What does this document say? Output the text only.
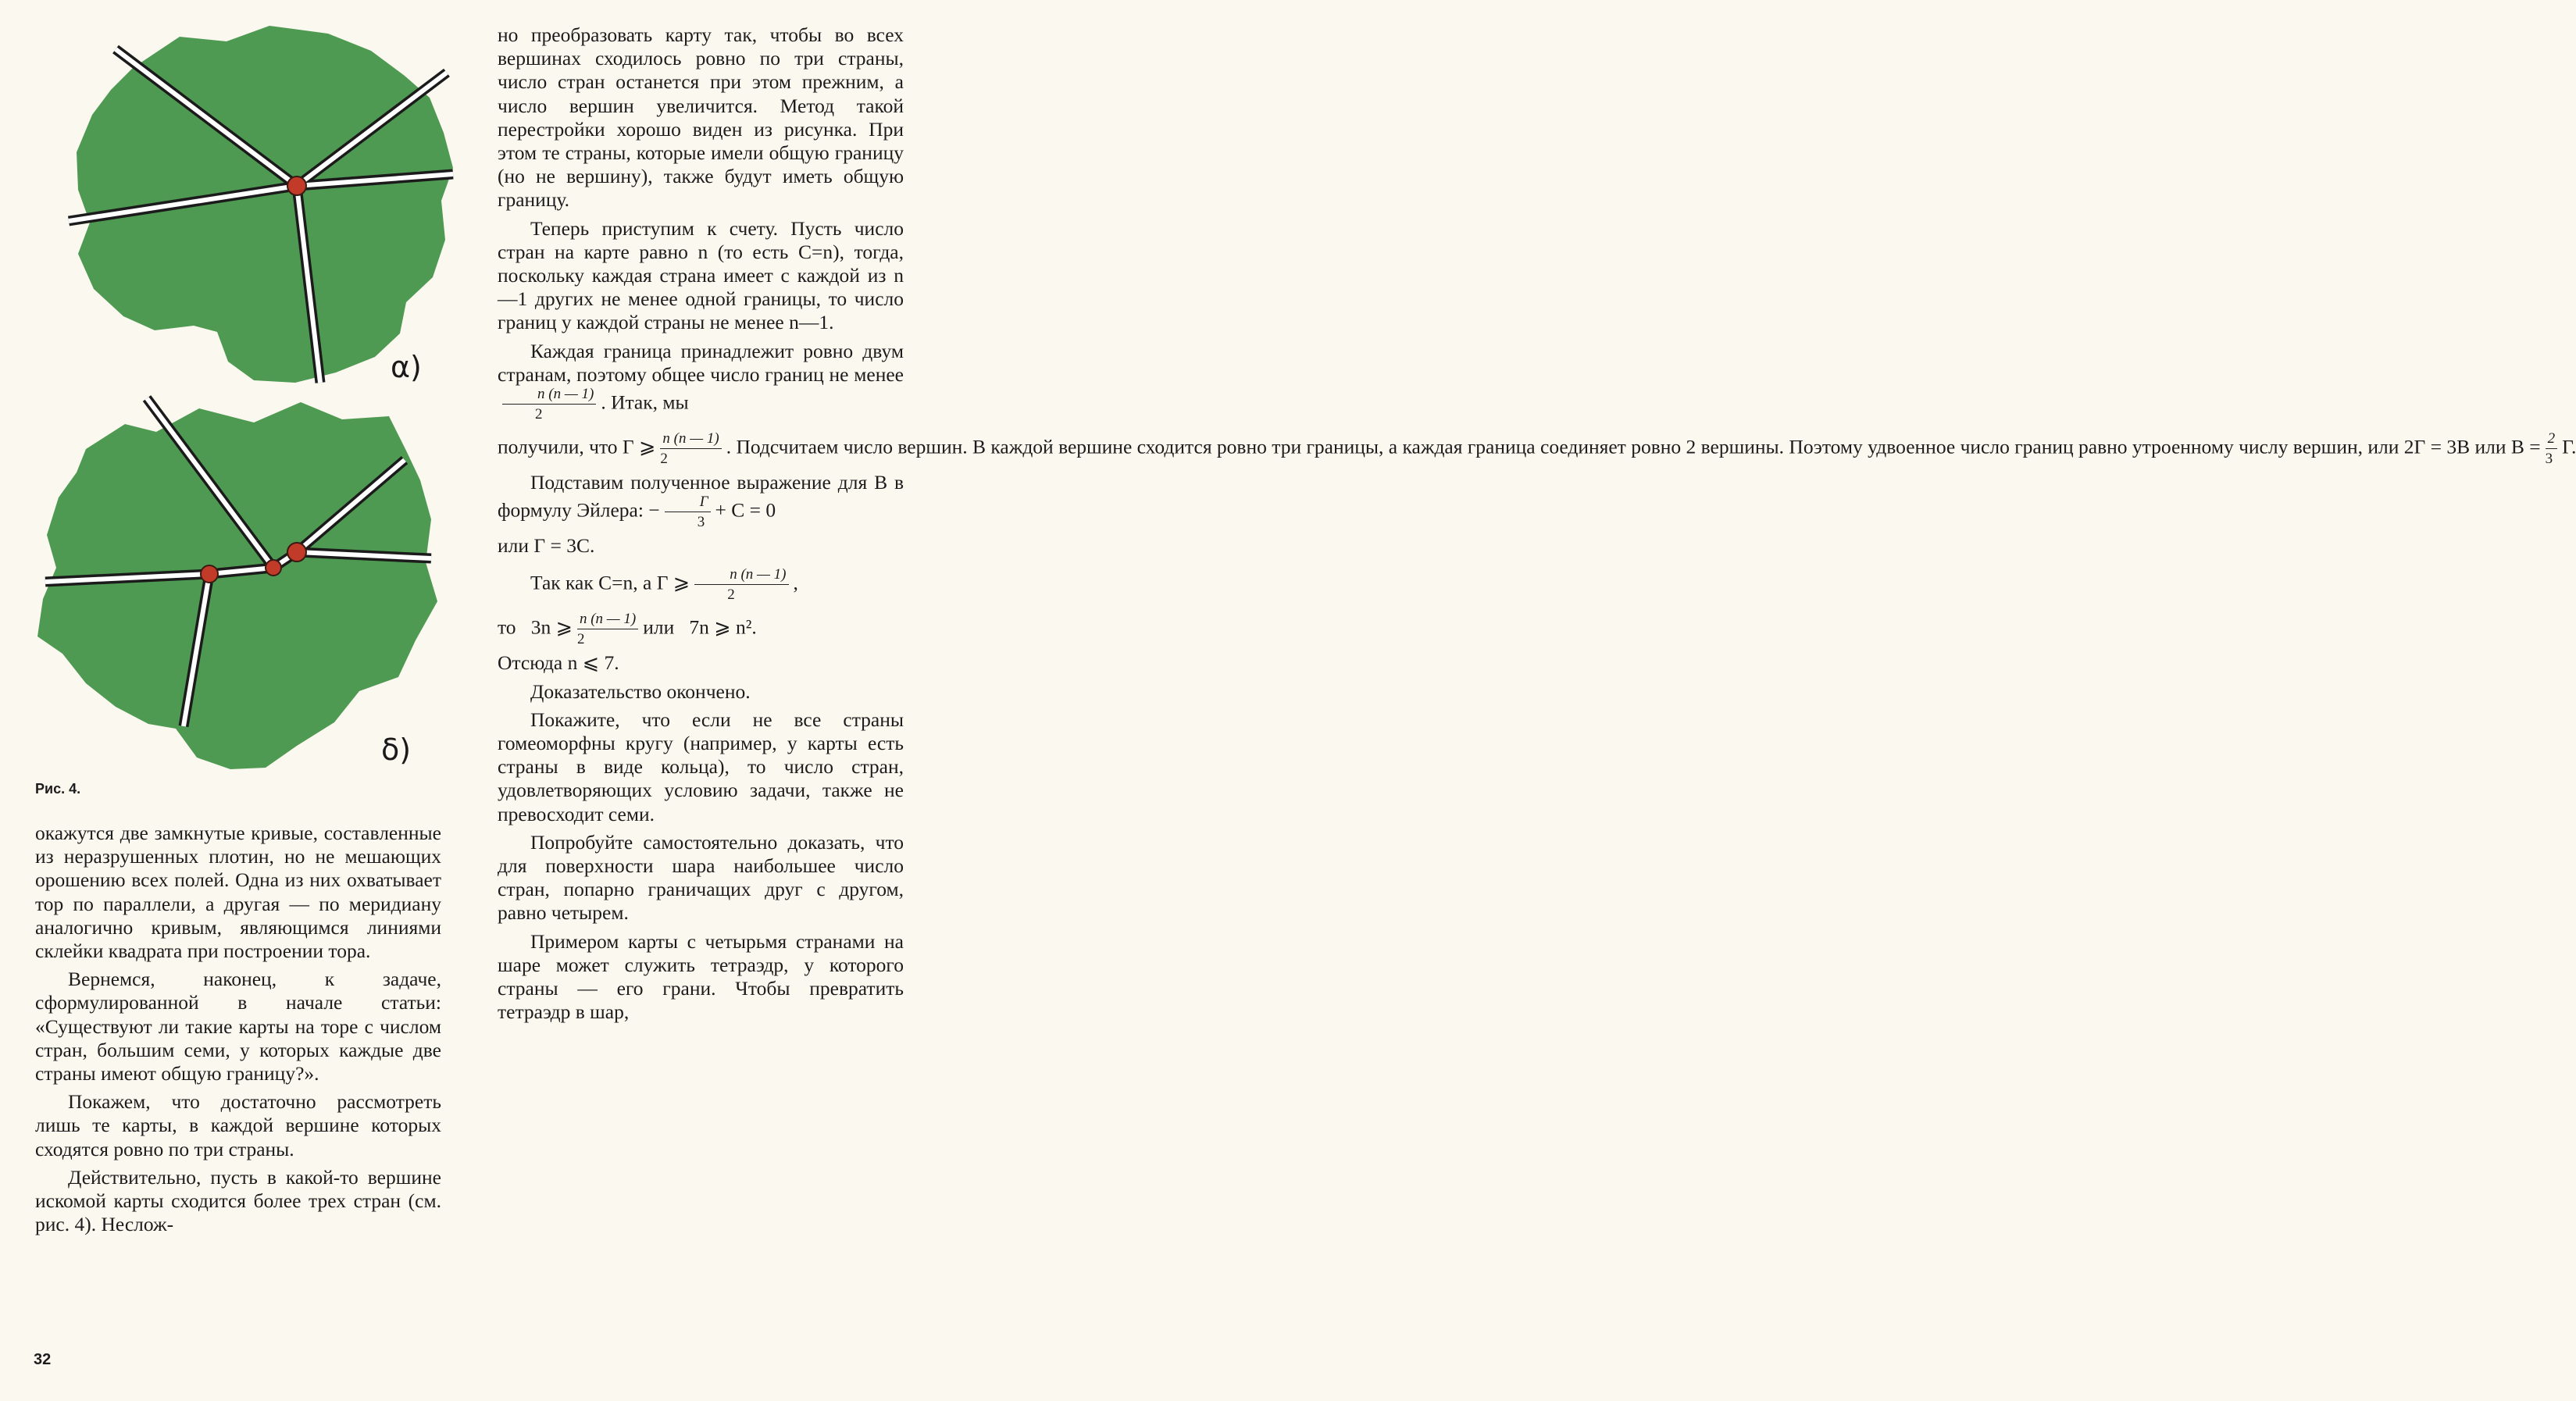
α)
δ)
Рис. 4.

окажутся две замкнутые кривые, составленные из неразрушенных плотин, но не мешающих орошению всех полей. Одна из них охватывает тор по параллели, а другая — по меридиану аналогично кривым, являющимся линиями склейки квадрата при построении тора.

Вернемся, наконец, к задаче, сформулированной в начале статьи: «Существуют ли такие карты на торе с числом стран, большим семи, у которых каждые две страны имеют общую границу?».

Покажем, что достаточно рассмотреть лишь те карты, в каждой вершине которых сходятся ровно по три страны.

Действительно, пусть в какой-то вершине искомой карты сходится более трех стран (см. рис. 4). Неслож-

но преобразовать карту так, чтобы во всех вершинах сходилось ровно по три страны, число стран останется при этом прежним, а число вершин увеличится. Метод такой перестройки хорошо виден из рисунка. При этом те страны, которые имели общую границу (но не вершину), также будут иметь общую границу.

Теперь приступим к счету. Пусть число стран на карте равно n (то есть С=n), тогда, поскольку каждая страна имеет с каждой из n—1 других не менее одной границы, то число границ у каждой страны не менее n—1.

Каждая граница принадлежит ровно двум странам, поэтому общее число границ не менее
$\frac{n (n — 1)}{2}$ . Итак, мы

получили, что Г ⩾ $\frac{n (n — 1)}{2}$ . Подсчитаем число вершин. В каждой вершине сходится ровно три границы, а каждая граница соединяет ровно 2 вершины. Поэтому удвоенное число границ равно утроенному числу вершин, или 2Г = 3В или $В = \frac{2}{3} Г$.

Подставим полученное выражение для В в формулу Эйлера: − $\frac{Г}{3} + С = 0$

или Г = 3С.

Так как С=n, а Г ⩾ $\frac{n (n — 1)}{2}$ ,

то 3n ⩾ $\frac{n (n — 1)}{2}$ или 7n ⩾ n².

Отсюда n ⩽ 7.

Доказательство окончено.

Покажите, что если не все страны гомеоморфны кругу (например, у карты есть страны в виде кольца), то число стран, удовлетворяющих условию задачи, также не превосходит семи.

Попробуйте самостоятельно доказать, что для поверхности шара наибольшее число стран, попарно граничащих друг с другом, равно четырем.

Примером карты с четырьмя странами на шаре может служить тетраэдр, у которого страны — его грани. Чтобы превратить тетраэдр в шар,

32
